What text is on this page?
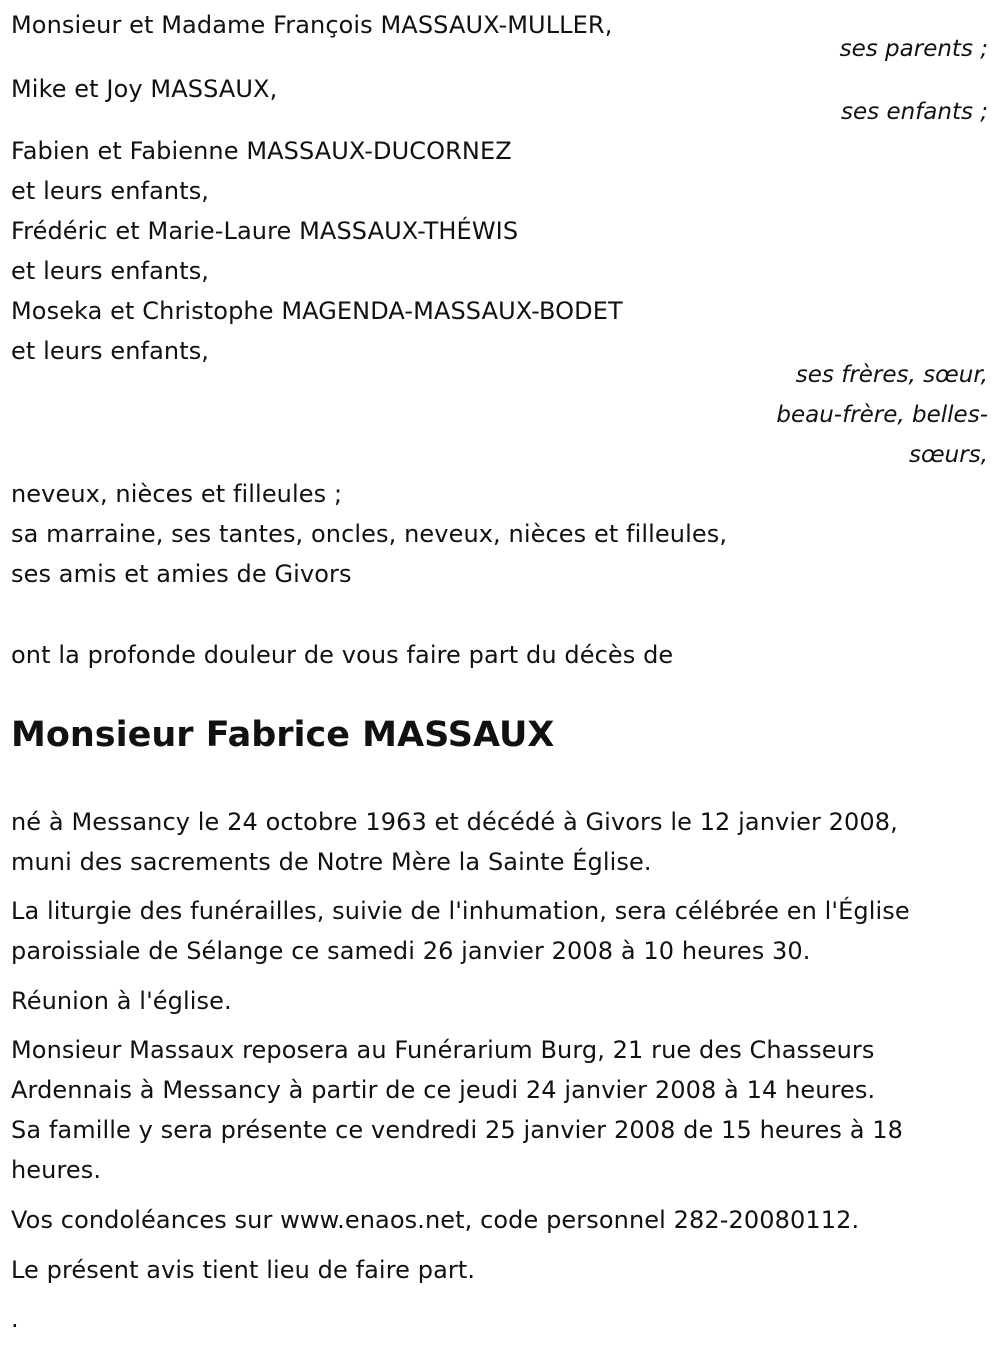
Monsieur et Madame François MASSAUX-MULLER,
ses parents ;
Mike et Joy MASSAUX,
ses enfants ;
Fabien et Fabienne MASSAUX-DUCORNEZ
et leurs enfants,
Frédéric et Marie-Laure MASSAUX-THÉWIS
et leurs enfants,
Moseka et Christophe MAGENDA-MASSAUX-BODET
et leurs enfants,
ses frères, sœur,
beau-frère, belles-
sœurs,
neveux, nièces et filleules ;
sa marraine, ses tantes, oncles, neveux, nièces et filleules,
ses amis et amies de Givors
ont la profonde douleur de vous faire part du décès de
Monsieur Fabrice MASSAUX
né à Messancy le 24 octobre 1963 et décédé à Givors le 12 janvier 2008,
muni des sacrements de Notre Mère la Sainte Église.
La liturgie des funérailles, suivie de l'inhumation, sera célébrée en l'Église
paroissiale de Sélange ce samedi 26 janvier 2008 à 10 heures 30.
Réunion à l'église.
Monsieur Massaux reposera au Funérarium Burg, 21 rue des Chasseurs
Ardennais à Messancy à partir de ce jeudi 24 janvier 2008 à 14 heures.
Sa famille y sera présente ce vendredi 25 janvier 2008 de 15 heures à 18
heures.
Vos condoléances sur www.enaos.net, code personnel 282-20080112.
Le présent avis tient lieu de faire part.
.
